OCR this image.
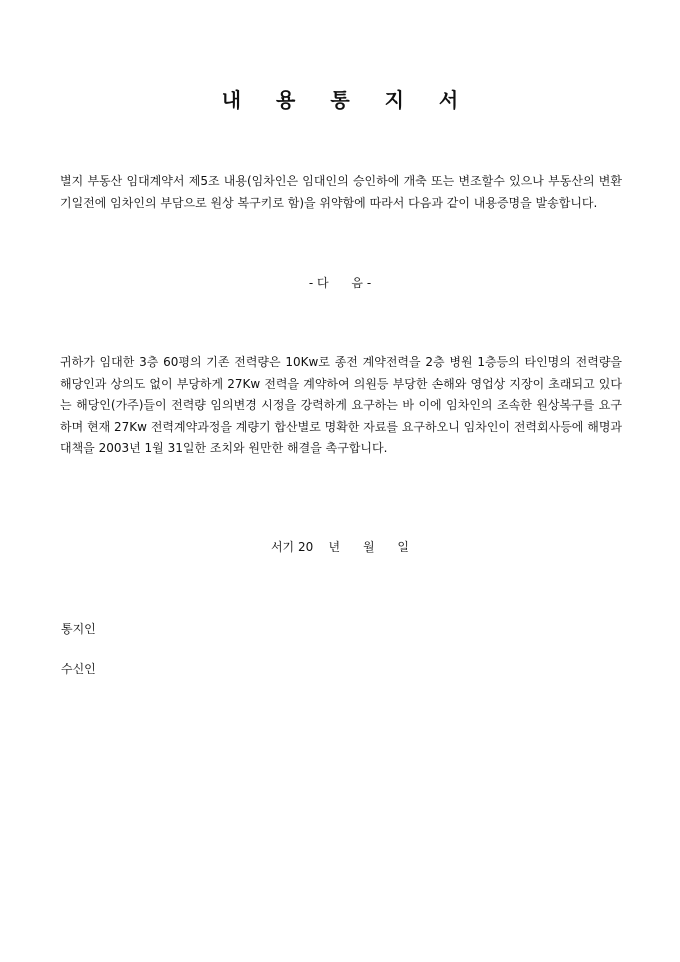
내 용 통 지 서

별지 부동산 임대계약서 제5조 내용(임차인은 임대인의 승인하에 개축 또는 변조할수 있으나 부동산의 변환기일전에 임차인의 부담으로 원상 복구키로 함)을 위약함에 따라서 다음과 같이 내용증명을 발송합니다.

- 다      음 -

귀하가 임대한 3층 60평의 기존 전력량은 10Kw로 종전 계약전력을 2층 병원 1층등의 타인명의 전력량을 해당인과 상의도 없이 부당하게 27Kw 전력을 계약하여 의원등 부당한 손해와 영업상 지장이 초래되고 있다는 해당인(가주)들이 전력량 임의변경 시정을 강력하게 요구하는 바 이에 임차인의 조속한 원상복구를 요구하며 현재 27Kw 전력계약과정을 계량기 합산별로 명확한 자료를 요구하오니 임차인이 전력회사등에 해명과 대책을 2003년 1월 31일한 조치와 원만한 해결을 촉구합니다.

서기 20    년      월      일
통지인
수신인
